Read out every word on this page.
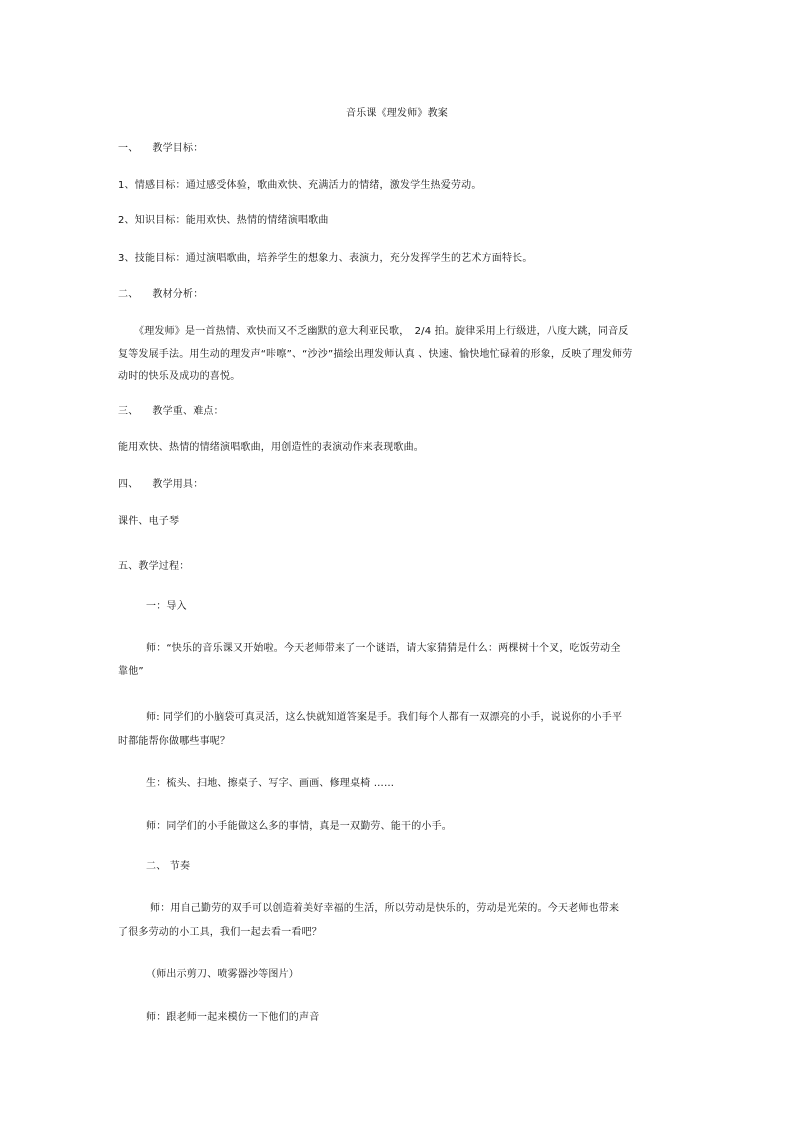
音乐课《理发师》教案
一、 教学目标：
1、情感目标：通过感受体验，歌曲欢快、充满活力的情绪，激发学生热爱劳动。
2、知识目标：能用欢快、热情的情绪演唱歌曲
3、技能目标：通过演唱歌曲，培养学生的想象力、表演力，充分发挥学生的艺术方面特长。
二、 教材分析：
《理发师》是一首热情、欢快而又不乏幽默的意大利亚民歌，　2/4 拍。旋律采用上行级进，八度大跳，同音反
复等发展手法。用生动的理发声“咔嚓”、“沙沙”描绘出理发师认真 、快速、愉快地忙碌着的形象，反映了理发师劳
动时的快乐及成功的喜悦。
三、 教学重、难点：
能用欢快、热情的情绪演唱歌曲，用创造性的表演动作来表现歌曲。
四、 教学用具：
课件、电子琴
五、教学过程：
一：导入
师：“快乐的音乐课又开始啦。今天老师带来了一个谜语，请大家猜猜是什么：两棵树十个叉，吃饭劳动全
靠他”
师: 同学们的小脑袋可真灵活，这么快就知道答案是手。我们每个人都有一双漂亮的小手，说说你的小手平
时都能帮你做哪些事呢？
生：梳头、扫地、擦桌子、写字、画画、修理桌椅 ……
师：同学们的小手能做这么多的事情，真是一双勤劳、能干的小手。
二、 节奏
师：用自己勤劳的双手可以创造着美好幸福的生活，所以劳动是快乐的，劳动是光荣的。今天老师也带来
了很多劳动的小工具，我们一起去看一看吧？
（师出示剪刀、喷雾器沙等图片）
师：跟老师一起来模仿一下他们的声音
